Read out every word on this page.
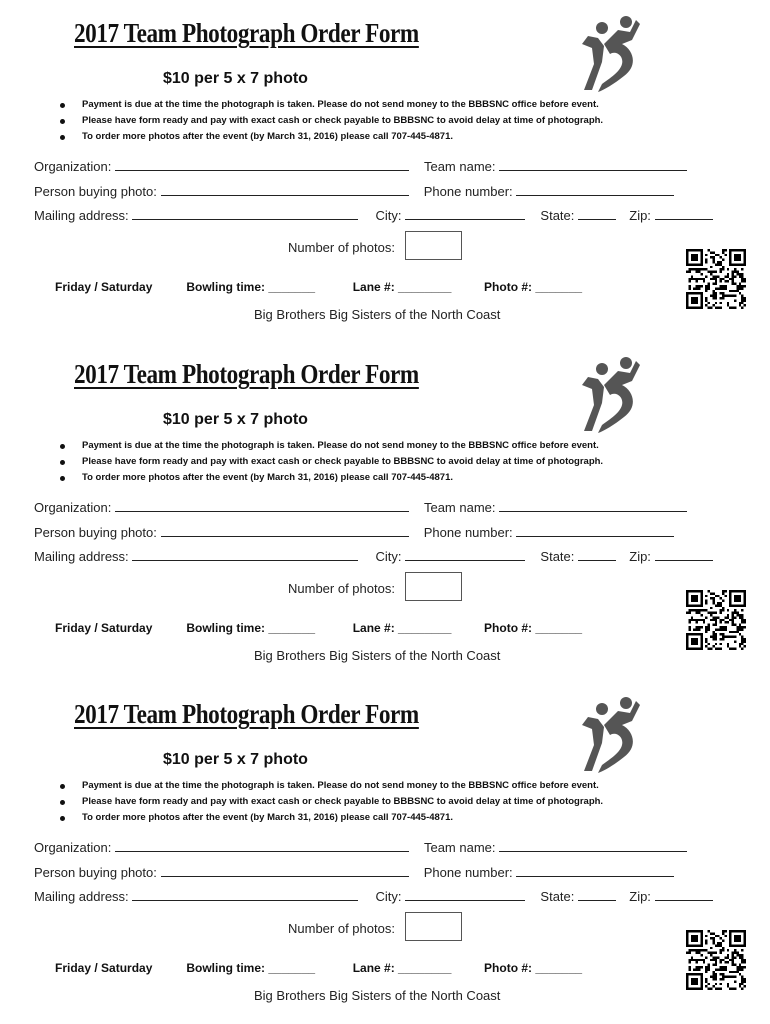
2017 Team Photograph Order Form
$10 per 5 x 7 photo
Payment is due at the time the photograph is taken. Please do not send money to the BBBSNC office before event.
Please have form ready and pay with exact cash or check payable to BBBSNC to avoid delay at time of photograph.
To order more photos after the event (by March 31, 2016) please call 707-445-4871.
Organization:	Team name:
Person buying photo:	Phone number:
Mailing address:	City:	State:	Zip:
Number of photos:
Friday / Saturday	Bowling time: _______	Lane #: ________	Photo #: _______
Big Brothers Big Sisters of the North Coast
2017 Team Photograph Order Form
$10 per 5 x 7 photo
Payment is due at the time the photograph is taken. Please do not send money to the BBBSNC office before event.
Please have form ready and pay with exact cash or check payable to BBBSNC to avoid delay at time of photograph.
To order more photos after the event (by March 31, 2016) please call 707-445-4871.
Organization:	Team name:
Person buying photo:	Phone number:
Mailing address:	City:	State:	Zip:
Number of photos:
Friday / Saturday	Bowling time: _______	Lane #: ________	Photo #: _______
Big Brothers Big Sisters of the North Coast
2017 Team Photograph Order Form
$10 per 5 x 7 photo
Payment is due at the time the photograph is taken. Please do not send money to the BBBSNC office before event.
Please have form ready and pay with exact cash or check payable to BBBSNC to avoid delay at time of photograph.
To order more photos after the event (by March 31, 2016) please call 707-445-4871.
Organization:	Team name:
Person buying photo:	Phone number:
Mailing address:	City:	State:	Zip:
Number of photos:
Friday / Saturday	Bowling time: _______	Lane #: ________	Photo #: _______
Big Brothers Big Sisters of the North Coast
